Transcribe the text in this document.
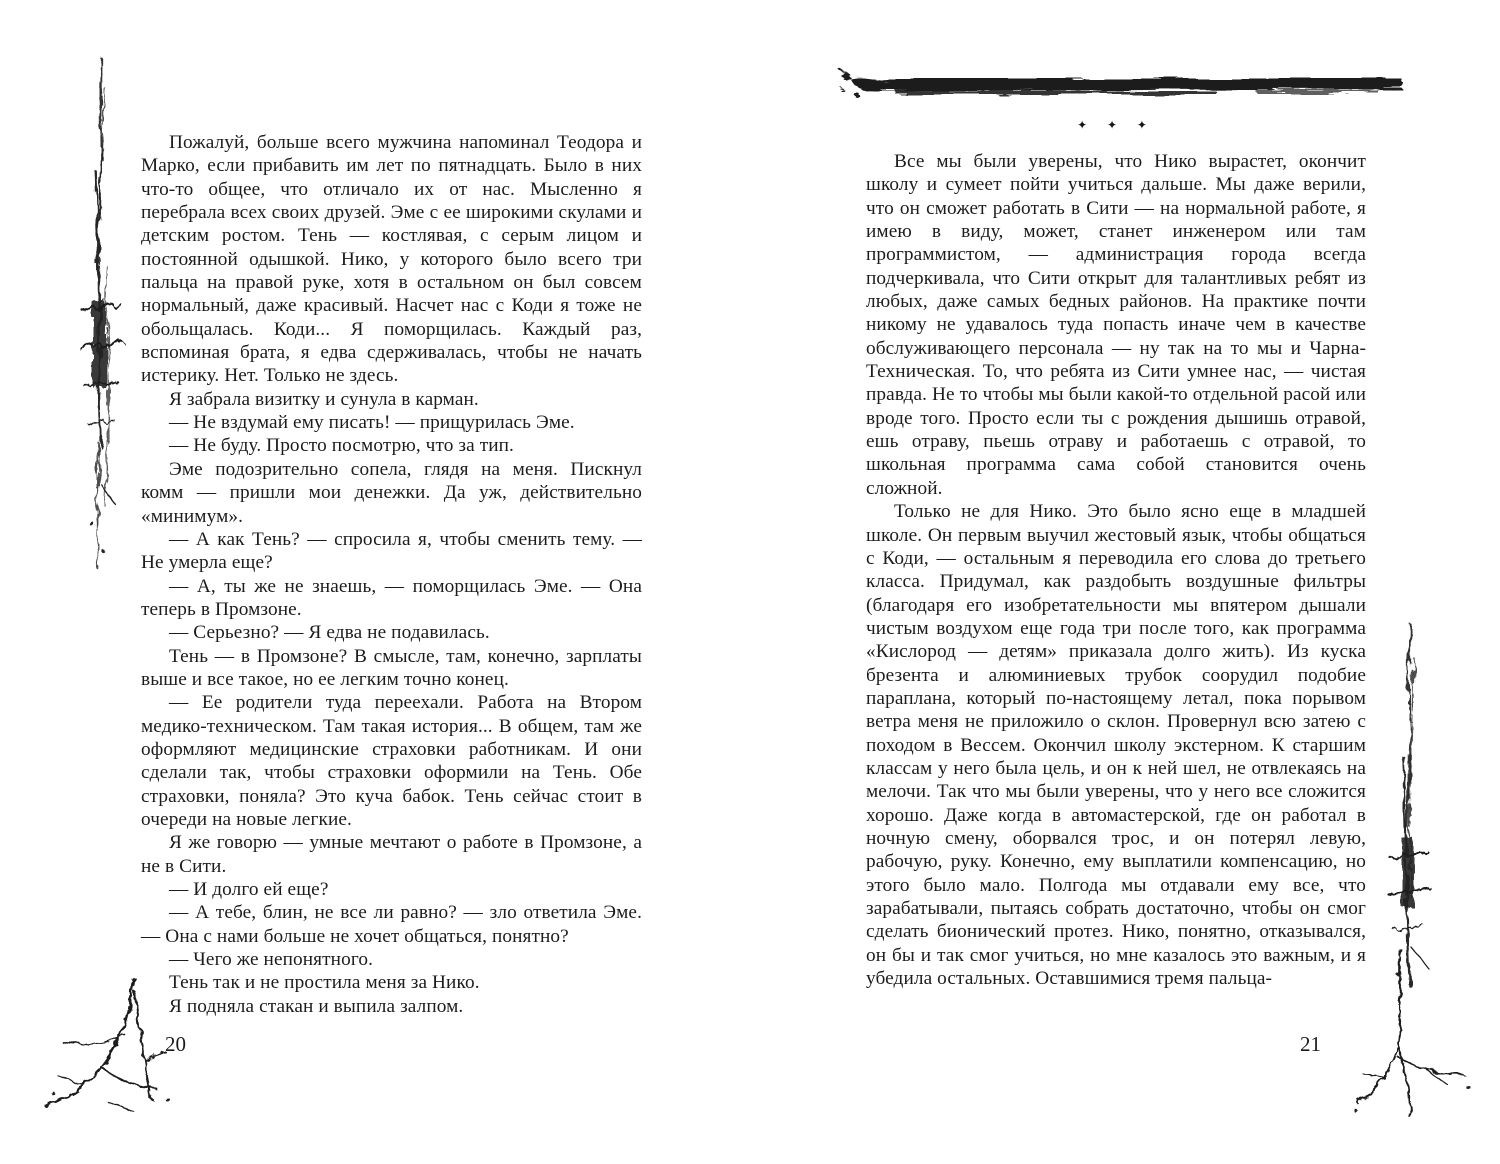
Пожалуй, больше всего мужчина напоминал Теодора и Марко, если прибавить им лет по пятнадцать. Было в них что-то общее, что отличало их от нас. Мысленно я перебрала всех своих друзей. Эме с ее широкими скулами и детским ростом. Тень — костлявая, с серым лицом и постоянной одышкой. Нико, у которого было всего три пальца на правой руке, хотя в остальном он был совсем нормальный, даже красивый. Насчет нас с Коди я тоже не обольщалась. Коди... Я поморщилась. Каждый раз, вспоминая брата, я едва сдерживалась, чтобы не начать истерику. Нет. Только не здесь.

Я забрала визитку и сунула в карман.

— Не вздумай ему писать! — прищурилась Эме.

— Не буду. Просто посмотрю, что за тип.

Эме подозрительно сопела, глядя на меня. Пискнул комм — пришли мои денежки. Да уж, действительно «минимум».

— А как Тень? — спросила я, чтобы сменить тему. — Не умерла еще?

— А, ты же не знаешь, — поморщилась Эме. — Она теперь в Промзоне.

— Серьезно? — Я едва не подавилась.

Тень — в Промзоне? В смысле, там, конечно, зарплаты выше и все такое, но ее легким точно конец.

— Ее родители туда переехали. Работа на Втором медико-техническом. Там такая история... В общем, там же оформляют медицинские страховки работникам. И они сделали так, чтобы страховки оформили на Тень. Обе страховки, поняла? Это куча бабок. Тень сейчас стоит в очереди на новые легкие.

Я же говорю — умные мечтают о работе в Промзоне, а не в Сити.

— И долго ей еще?

— А тебе, блин, не все ли равно? — зло ответила Эме. — Она с нами больше не хочет общаться, понятно?

— Чего же непонятного.

Тень так и не простила меня за Нико.

Я подняла стакан и выпила залпом.

20
✦ ✦ ✦

Все мы были уверены, что Нико вырастет, окончит школу и сумеет пойти учиться дальше. Мы даже верили, что он сможет работать в Сити — на нормальной работе, я имею в виду, может, станет инженером или там программистом, — администрация города всегда подчеркивала, что Сити открыт для талантливых ребят из любых, даже самых бедных районов. На практике почти никому не удавалось туда попасть иначе чем в качестве обслуживающего персонала — ну так на то мы и Чарна-Техническая. То, что ребята из Сити умнее нас, — чистая правда. Не то чтобы мы были какой-то отдельной расой или вроде того. Просто если ты с рождения дышишь отравой, ешь отраву, пьешь отраву и работаешь с отравой, то школьная программа сама собой становится очень сложной.

Только не для Нико. Это было ясно еще в младшей школе. Он первым выучил жестовый язык, чтобы общаться с Коди, — остальным я переводила его слова до третьего класса. Придумал, как раздобыть воздушные фильтры (благодаря его изобретательности мы впятером дышали чистым воздухом еще года три после того, как программа «Кислород — детям» приказала долго жить). Из куска брезента и алюминиевых трубок соорудил подобие параплана, который по-настоящему летал, пока порывом ветра меня не приложило о склон. Провернул всю затею с походом в Вессем. Окончил школу экстерном. К старшим классам у него была цель, и он к ней шел, не отвлекаясь на мелочи. Так что мы были уверены, что у него все сложится хорошо. Даже когда в автомастерской, где он работал в ночную смену, оборвался трос, и он потерял левую, рабочую, руку. Конечно, ему выплатили компенсацию, но этого было мало. Полгода мы отдавали ему все, что зарабатывали, пытаясь собрать достаточно, чтобы он смог сделать бионический протез. Нико, понятно, отказывался, он бы и так смог учиться, но мне казалось это важным, и я убедила остальных. Оставшимися тремя пальца-

21
